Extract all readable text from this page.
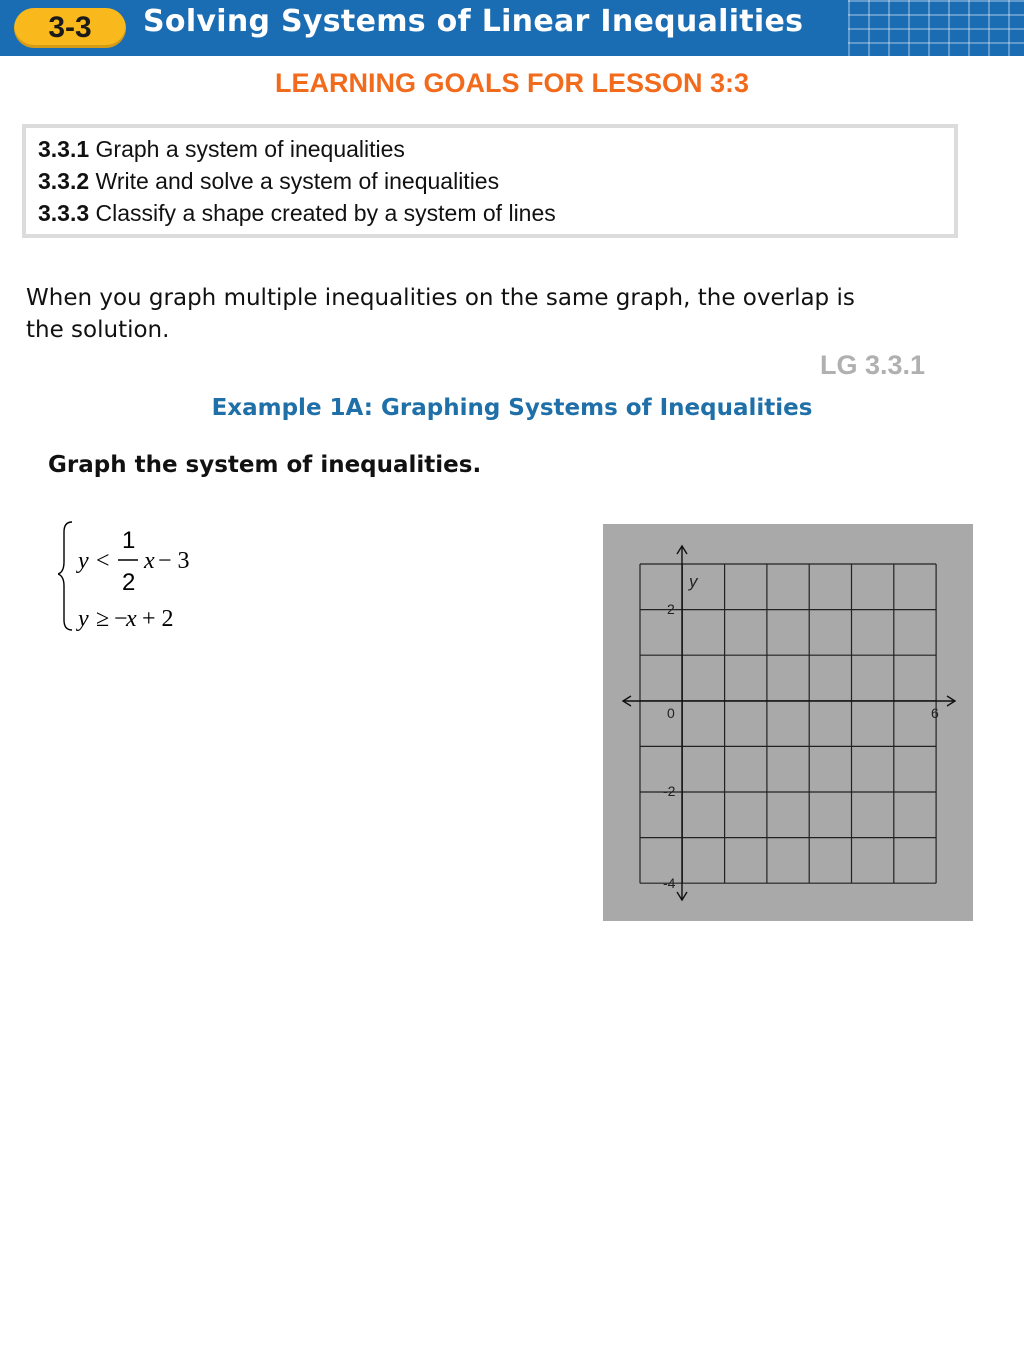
3-3	Solving Systems of Linear Inequalities
LEARNING GOALS FOR LESSON 3:3
3.3.1 Graph a system of inequalities
3.3.2 Write and solve a system of inequalities
3.3.3 Classify a shape created by a system of lines
When you graph multiple inequalities on the same graph, the overlap is the solution.
LG 3.3.1
Example 1A: Graphing Systems of Inequalities
Graph the system of inequalities.
y <
1
2
x − 3
y ≥ −
x + 2
y
2
0	6
-2
-4
